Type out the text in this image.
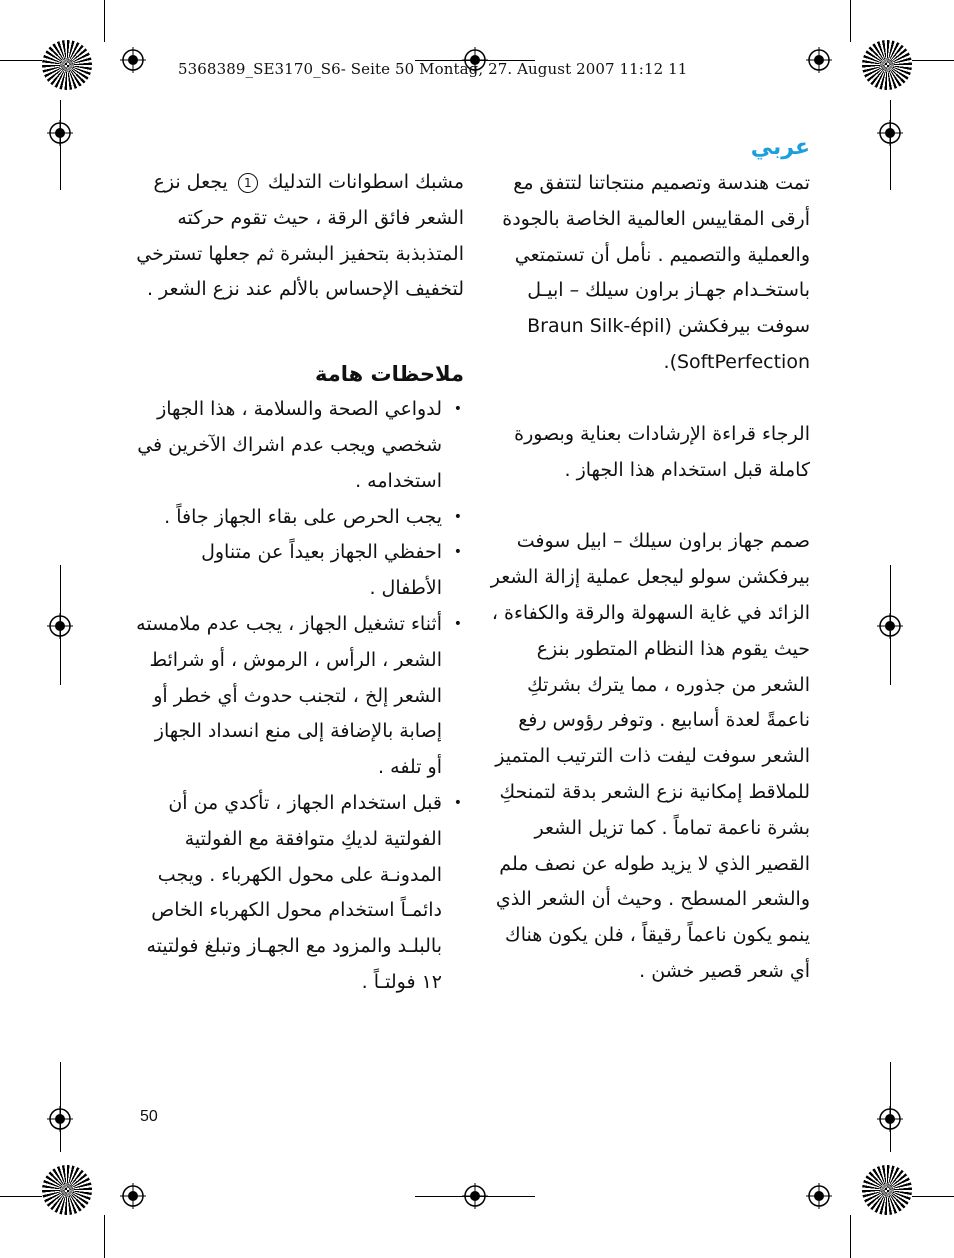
5368389_SE3170_S6- Seite 50 Montag, 27. August 2007 11:12 11
عربي

تمت هندسة وتصميم منتجاتنا لتتفق مع أرقى المقاييس العالمية الخاصة بالجودة والعملية والتصميم . نأمل أن تستمتعي باستخـدام جهـاز براون سيلك – ابيـل سوفت بيرفكشن (Braun Silk-épil SoftPerfection).

الرجاء قراءة الإرشادات بعناية وبصورة كاملة قبل استخدام هذا الجهاز .

صمم جهاز براون سيلك – ابيل سوفت بيرفكشن سولو ليجعل عملية إزالة الشعر الزائد في غاية السهولة والرقة والكفاءة ، حيث يقوم هذا النظام المتطور بنزع الشعر من جذوره ، مما يترك بشرتكِ ناعمةً لعدة أسابيع . وتوفر رؤوس رفع الشعر سوفت ليفت ذات الترتيب المتميز للملاقط إمكانية نزع الشعر بدقة لتمنحكِ بشرة ناعمة تماماً . كما تزيل الشعر القصير الذي لا يزيد طوله عن نصف ملم والشعر المسطح . وحيث أن الشعر الذي ينمو يكون ناعماً رقيقاً ، فلن يكون هناك أي شعر قصير خشن .

مشبك اسطوانات التدليك 1 يجعل نزع الشعر فائق الرقة ، حيث تقوم حركته المتذبذبة بتحفيز البشرة ثم جعلها تسترخي لتخفيف الإحساس بالألم عند نزع الشعر .

ملاحظات هامة
•
لدواعي الصحة والسلامة ، هذا الجهاز شخصي ويجب عدم اشراك الآخرين في استخدامه .
•
يجب الحرص على بقاء الجهاز جافاً .
•
احفظي الجهاز بعيداً عن متناول الأطفال .
•
أثناء تشغيل الجهاز ، يجب عدم ملامسته الشعر ، الرأس ، الرموش ، أو شرائط الشعر إلخ ، لتجنب حدوث أي خطر أو إصابة بالإضافة إلى منع انسداد الجهاز أو تلفه .
•
قبل استخدام الجهاز ، تأكدي من أن الفولتية لديكِ متوافقة مع الفولتية المدونـة على محول الكهرباء . ويجب دائمـاً استخدام محول الكهرباء الخاص بالبلـد والمزود مع الجهـاز وتبلغ فولتيته ١٢ فولتـاً .
50
